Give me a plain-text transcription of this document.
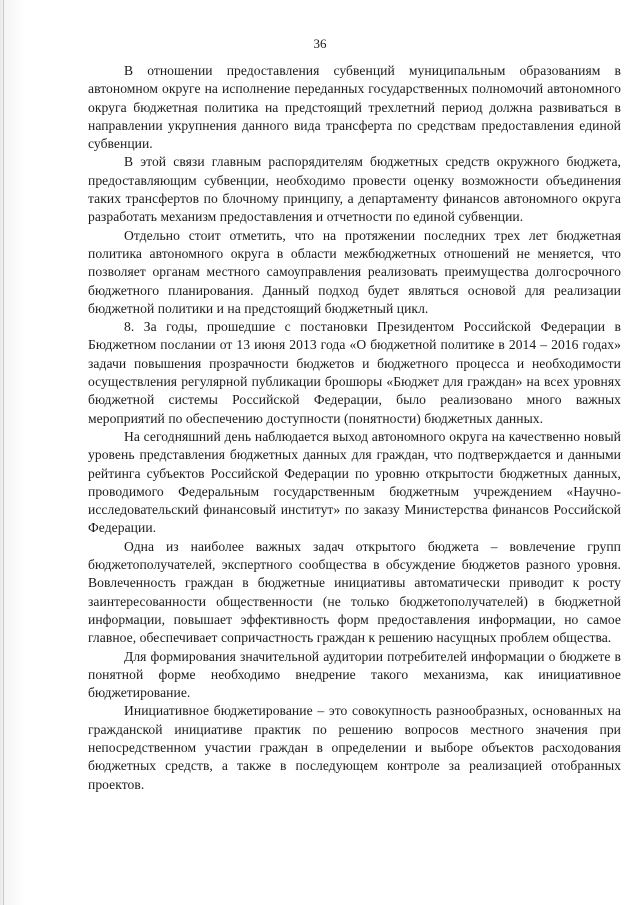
36

В отношении предоставления субвенций муниципальным образованиям в автономном округе на исполнение переданных государственных полномочий автономного округа бюджетная политика на предстоящий трехлетний период должна развиваться в направлении укрупнения данного вида трансферта по средствам предоставления единой субвенции.

В этой связи главным распорядителям бюджетных средств окружного бюджета, предоставляющим субвенции, необходимо провести оценку возможности объединения таких трансфертов по блочному принципу, а департаменту финансов автономного округа разработать механизм предоставления и отчетности по единой субвенции.

Отдельно стоит отметить, что на протяжении последних трех лет бюджетная политика автономного округа в области межбюджетных отношений не меняется, что позволяет органам местного самоуправления реализовать преимущества долгосрочного бюджетного планирования. Данный подход будет являться основой для реализации бюджетной политики и на предстоящий бюджетный цикл.

8. За годы, прошедшие с постановки Президентом Российской Федерации в Бюджетном послании от 13 июня 2013 года «О бюджетной политике в 2014 – 2016 годах» задачи повышения прозрачности бюджетов и бюджетного процесса и необходимости осуществления регулярной публикации брошюры «Бюджет для граждан» на всех уровнях бюджетной системы Российской Федерации, было реализовано много важных мероприятий по обеспечению доступности (понятности) бюджетных данных.

На сегодняшний день наблюдается выход автономного округа на качественно новый уровень представления бюджетных данных для граждан, что подтверждается и данными рейтинга субъектов Российской Федерации по уровню открытости бюджетных данных, проводимого Федеральным государственным бюджетным учреждением «Научно-исследовательский финансовый институт» по заказу Министерства финансов Российской Федерации.

Одна из наиболее важных задач открытого бюджета – вовлечение групп бюджетополучателей, экспертного сообщества в обсуждение бюджетов разного уровня. Вовлеченность граждан в бюджетные инициативы автоматически приводит к росту заинтересованности общественности (не только бюджетополучателей) в бюджетной информации, повышает эффективность форм предоставления информации, но самое главное, обеспечивает сопричастность граждан к решению насущных проблем общества.

Для формирования значительной аудитории потребителей информации о бюджете в понятной форме необходимо внедрение такого механизма, как инициативное бюджетирование.

Инициативное бюджетирование – это совокупность разнообразных, основанных на гражданской инициативе практик по решению вопросов местного значения при непосредственном участии граждан в определении и выборе объектов расходования бюджетных средств, а также в последующем контроле за реализацией отобранных проектов.
